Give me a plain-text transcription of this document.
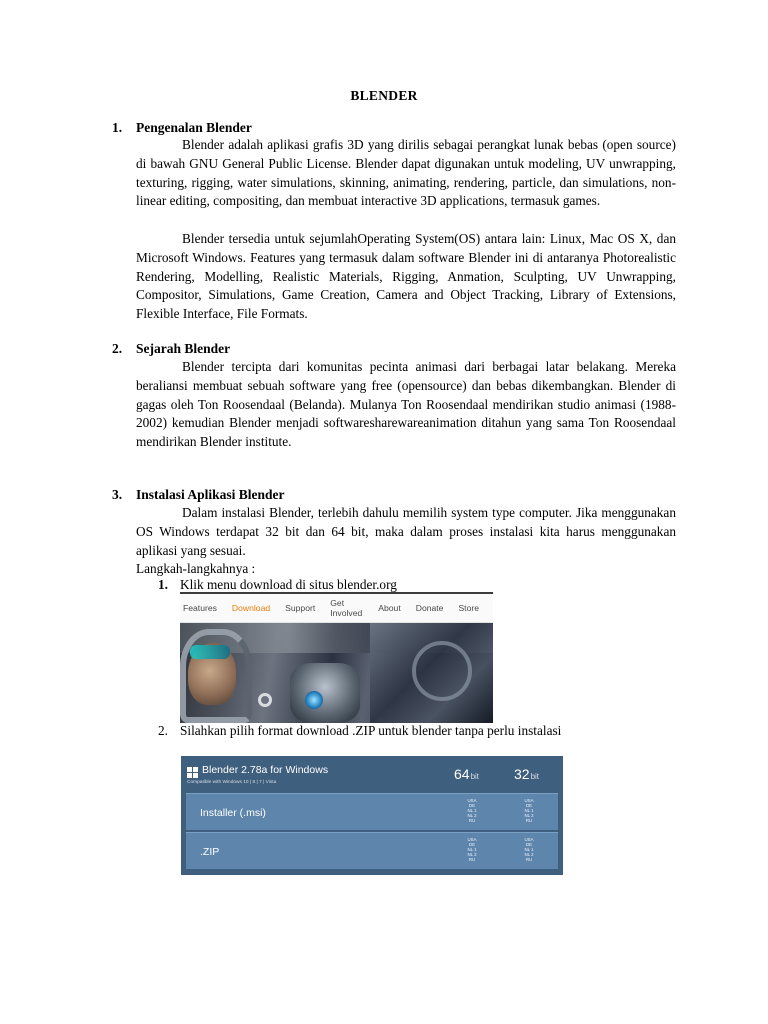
BLENDER
1. Pengenalan Blender

Blender adalah aplikasi grafis 3D yang dirilis sebagai perangkat lunak bebas (open source) di bawah GNU General Public License. Blender dapat digunakan untuk modeling, UV unwrapping, texturing, rigging, water simulations, skinning, animating, rendering, particle, dan simulations, non-linear editing, compositing, dan membuat interactive 3D applications, termasuk games.

Blender tersedia untuk sejumlahOperating System(OS) antara lain: Linux, Mac OS X, dan Microsoft Windows. Features yang termasuk dalam software Blender ini di antaranya Photorealistic Rendering, Modelling, Realistic Materials, Rigging, Anmation, Sculpting, UV Unwrapping, Compositor, Simulations, Game Creation, Camera and Object Tracking, Library of Extensions, Flexible Interface, File Formats.

2. Sejarah Blender

Blender tercipta dari komunitas pecinta animasi dari berbagai latar belakang. Mereka beraliansi membuat sebuah software yang free (opensource) dan bebas dikembangkan. Blender di gagas oleh Ton Roosendaal (Belanda). Mulanya Ton Roosendaal mendirikan studio animasi (1988-2002) kemudian Blender menjadi softwaresharewareanimation ditahun yang sama Ton Roosendaal mendirikan Blender institute.

3. Instalasi Aplikasi Blender

Dalam instalasi Blender, terlebih dahulu memilih system type computer. Jika menggunakan OS Windows terdapat 32 bit dan 64 bit, maka dalam proses instalasi kita harus menggunakan aplikasi yang sesuai.

Langkah-langkahnya :
1. Klik menu download di situs blender.org
Features Download Support Get Involved About Donate Store
2. Silahkan pilih format download .ZIP untuk blender tanpa perlu instalasi
Blender 2.78a for Windows
Compatible with Windows 10 | 8 | 7 | Vista
64bit 32bit
Installer (.msi)
USA
DE
NL 1
NL 2
RU
USA
DE
NL 1
NL 2
RU
.ZIP
USA
DE
NL 1
NL 2
RU
USA
DE
NL 1
NL 2
RU
